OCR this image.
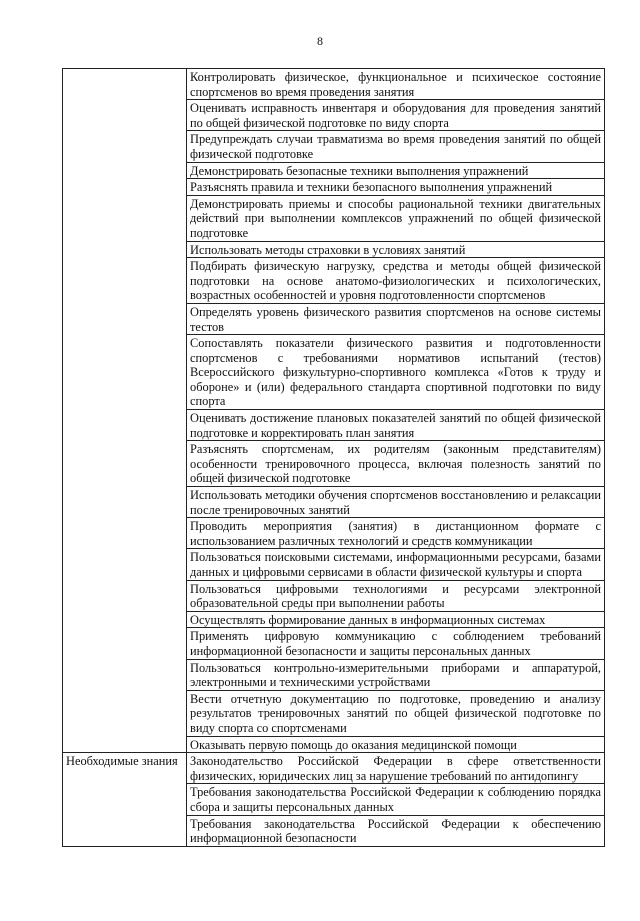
8
	Контролировать физическое, функциональное и психическое состояние спортсменов во время проведения занятия
	Оценивать исправность инвентаря и оборудования для проведения занятий по общей физической подготовке по виду спорта
	Предупреждать случаи травматизма во время проведения занятий по общей физической подготовке
	Демонстрировать безопасные техники выполнения упражнений
	Разъяснять правила и техники безопасного выполнения упражнений
	Демонстрировать приемы и способы рациональной техники двигательных действий при выполнении комплексов упражнений по общей физической подготовке
	Использовать методы страховки в условиях занятий
	Подбирать физическую нагрузку, средства и методы общей физической подготовки на основе анатомо-физиологических и психологических, возрастных особенностей и уровня подготовленности спортсменов
	Определять уровень физического развития спортсменов на основе системы тестов
	Сопоставлять показатели физического развития и подготовленности спортсменов с требованиями нормативов испытаний (тестов) Всероссийского физкультурно-спортивного комплекса «Готов к труду и обороне» и (или) федерального стандарта спортивной подготовки по виду спорта
	Оценивать достижение плановых показателей занятий по общей физической подготовке и корректировать план занятия
	Разъяснять спортсменам, их родителям (законным представителям) особенности тренировочного процесса, включая полезность занятий по общей физической подготовке
	Использовать методики обучения спортсменов восстановлению и релаксации после тренировочных занятий
	Проводить мероприятия (занятия) в дистанционном формате с использованием различных технологий и средств коммуникации
	Пользоваться поисковыми системами, информационными ресурсами, базами данных и цифровыми сервисами в области физической культуры и спорта
	Пользоваться цифровыми технологиями и ресурсами электронной образовательной среды при выполнении работы
	Осуществлять формирование данных в информационных системах
	Применять цифровую коммуникацию с соблюдением требований информационной безопасности и защиты персональных данных
	Пользоваться контрольно-измерительными приборами и аппаратурой, электронными и техническими устройствами
	Вести отчетную документацию по подготовке, проведению и анализу результатов тренировочных занятий по общей физической подготовке по виду спорта со спортсменами
	Оказывать первую помощь до оказания медицинской помощи
Необходимые знания	Законодательство Российской Федерации в сфере ответственности физических, юридических лиц за нарушение требований по антидопингу
	Требования законодательства Российской Федерации к соблюдению порядка сбора и защиты персональных данных
	Требования законодательства Российской Федерации к обеспечению информационной безопасности
